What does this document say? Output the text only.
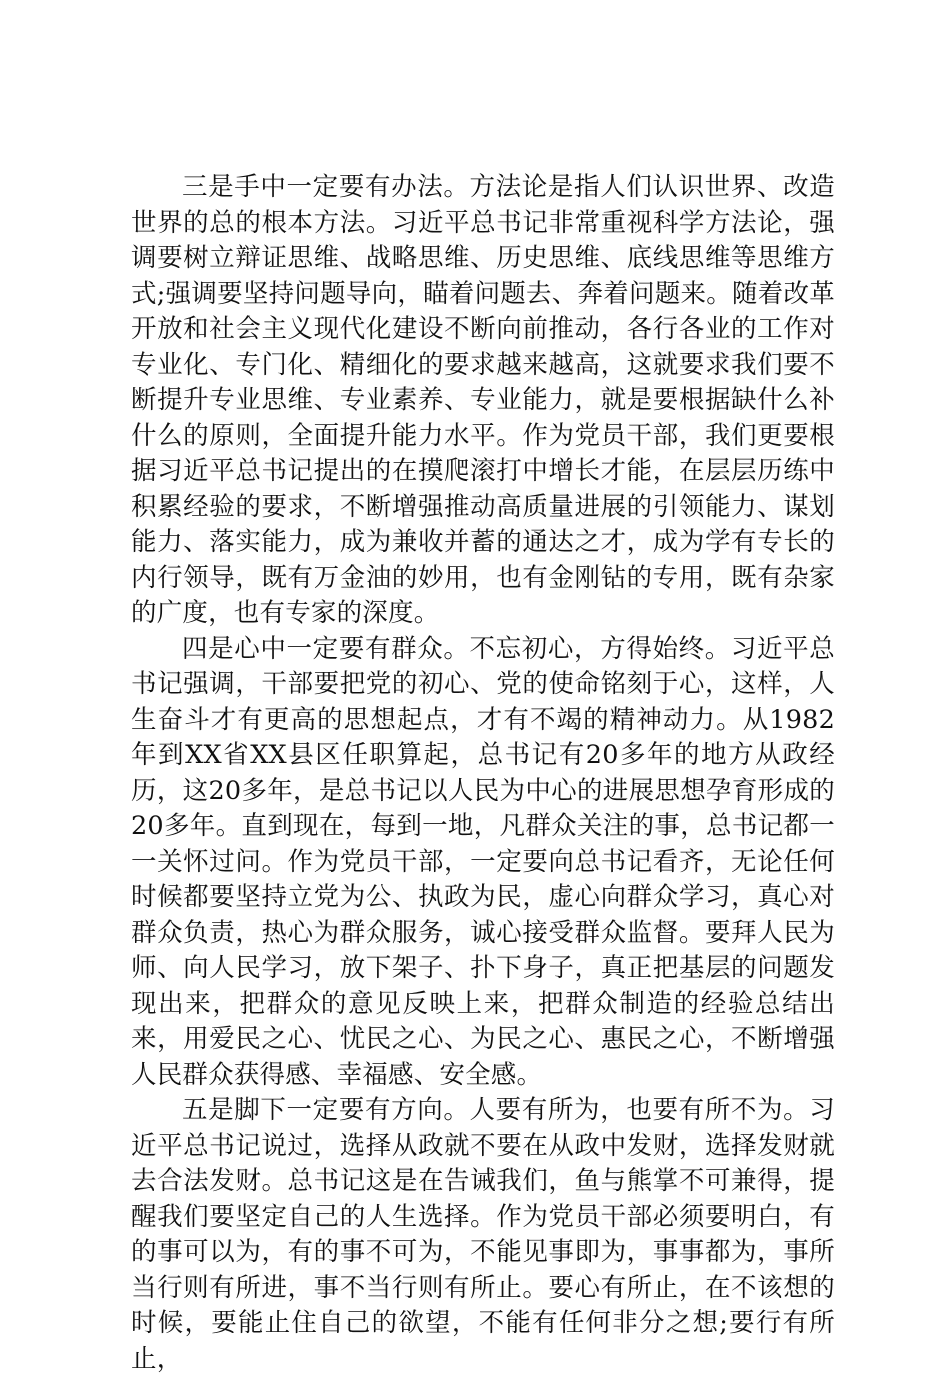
三是手中一定要有办法。方法论是指人们认识世界、改造世界的总的根本方法。习近平总书记非常重视科学方法论，强调要树立辩证思维、战略思维、历史思维、底线思维等思维方式;强调要坚持问题导向，瞄着问题去、奔着问题来。随着改革开放和社会主义现代化建设不断向前推动，各行各业的工作对专业化、专门化、精细化的要求越来越高，这就要求我们要不断提升专业思维、专业素养、专业能力，就是要根据缺什么补什么的原则，全面提升能力水平。作为党员干部，我们更要根据习近平总书记提出的在摸爬滚打中增长才能，在层层历练中积累经验的要求，不断增强推动高质量进展的引领能力、谋划能力、落实能力，成为兼收并蓄的通达之才，成为学有专长的内行领导，既有万金油的妙用，也有金刚钻的专用，既有杂家的广度，也有专家的深度。

四是心中一定要有群众。不忘初心，方得始终。习近平总书记强调，干部要把党的初心、党的使命铭刻于心，这样，人生奋斗才有更高的思想起点，才有不竭的精神动力。从1982年到XX省XX县区任职算起，总书记有20多年的地方从政经历，这20多年，是总书记以人民为中心的进展思想孕育形成的20多年。直到现在，每到一地，凡群众关注的事，总书记都一一关怀过问。作为党员干部，一定要向总书记看齐，无论任何时候都要坚持立党为公、执政为民，虚心向群众学习，真心对群众负责，热心为群众服务，诚心接受群众监督。要拜人民为师、向人民学习，放下架子、扑下身子，真正把基层的问题发现出来，把群众的意见反映上来，把群众制造的经验总结出来，用爱民之心、忧民之心、为民之心、惠民之心，不断增强人民群众获得感、幸福感、安全感。

五是脚下一定要有方向。人要有所为，也要有所不为。习近平总书记说过，选择从政就不要在从政中发财，选择发财就去合法发财。总书记这是在告诫我们，鱼与熊掌不可兼得，提醒我们要坚定自己的人生选择。作为党员干部必须要明白，有的事可以为，有的事不可为，不能见事即为，事事都为，事所当行则有所进，事不当行则有所止。要心有所止，在不该想的时候，要能止住自己的欲望，不能有任何非分之想;要行有所止，
